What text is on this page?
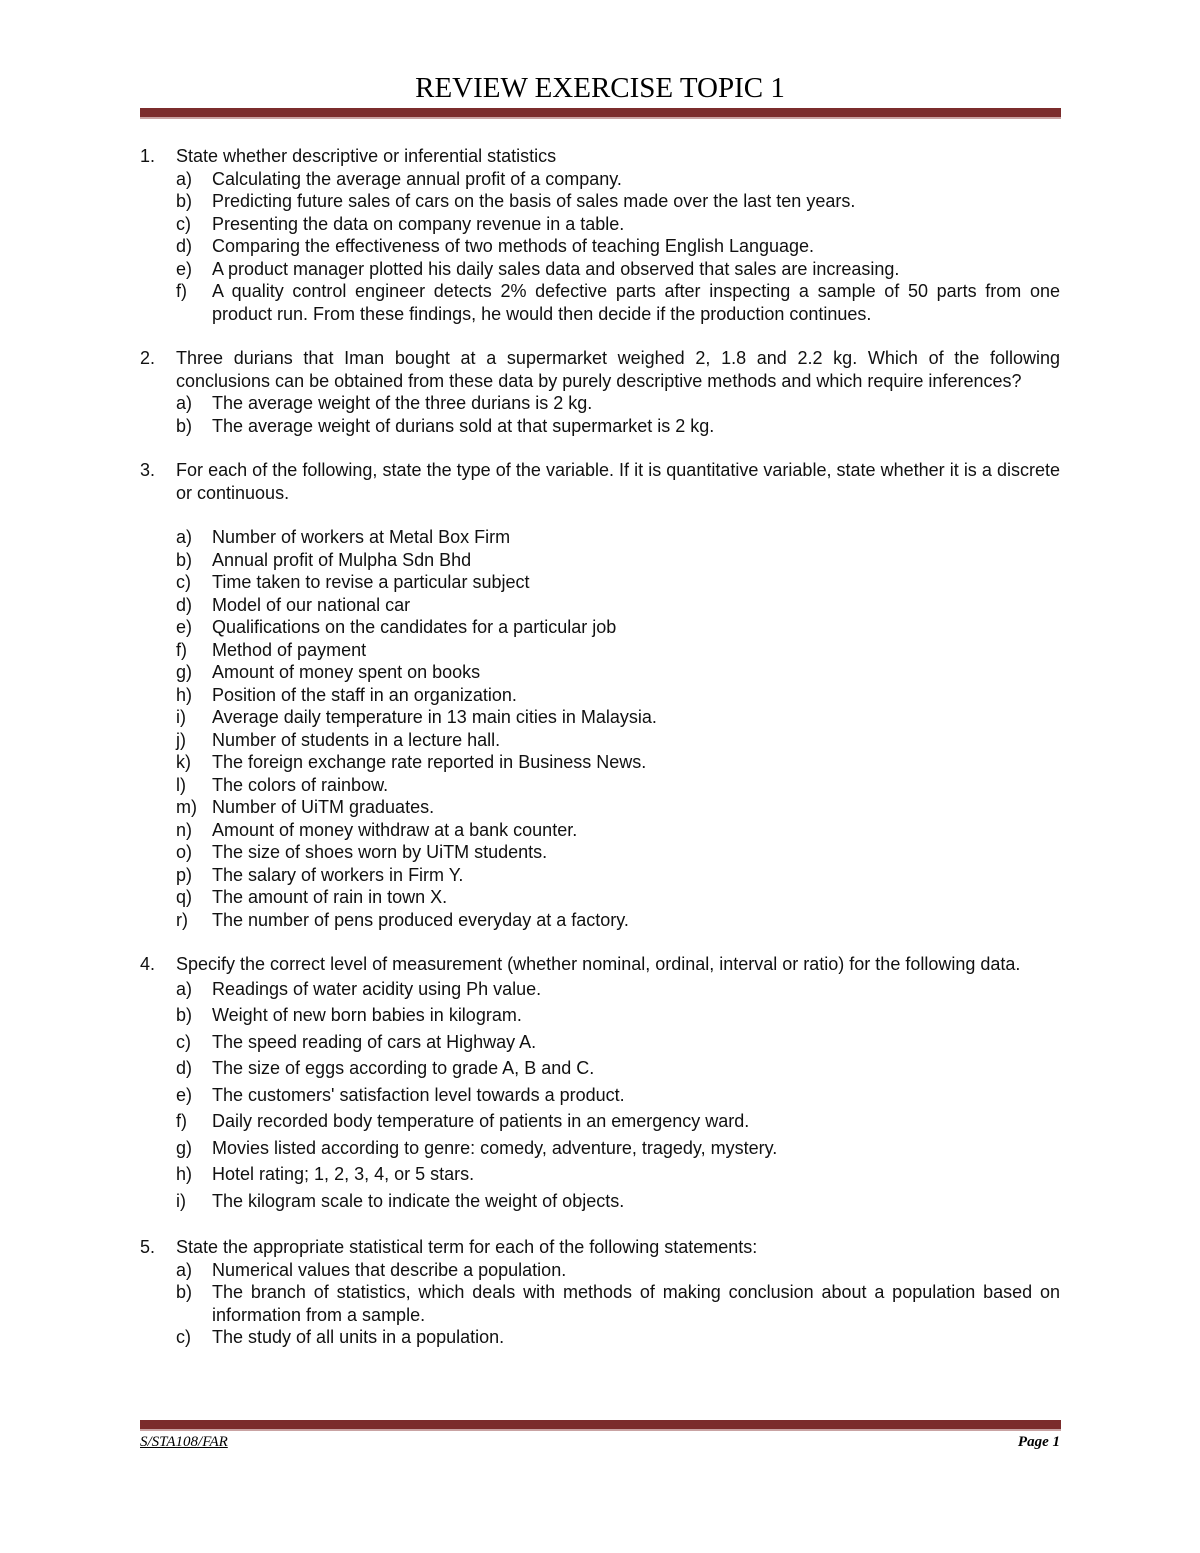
REVIEW EXERCISE TOPIC 1
1.	State whether descriptive or inferential statistics
a)	Calculating the average annual profit of a company.
b)	Predicting future sales of cars on the basis of sales made over the last ten years.
c)	Presenting the data on company revenue in a table.
d)	Comparing the effectiveness of two methods of teaching English Language.
e)	A product manager plotted his daily sales data and observed that sales are increasing.
f)	A quality control engineer detects 2% defective parts after inspecting a sample of 50 parts from one product run. From these findings, he would then decide if the production continues.
2.	Three durians that Iman bought at a supermarket weighed 2, 1.8 and 2.2 kg. Which of the following conclusions can be obtained from these data by purely descriptive methods and which require inferences?
a)	The average weight of the three durians is 2 kg.
b)	The average weight of durians sold at that supermarket is 2 kg.
3.	For each of the following, state the type of the variable. If it is quantitative variable, state whether it is a discrete or continuous.
a)	Number of workers at Metal Box Firm
b)	Annual profit of Mulpha Sdn Bhd
c)	Time taken to revise a particular subject
d)	Model of our national car
e)	Qualifications on the candidates for a particular job
f)	Method of payment
g)	Amount of money spent on books
h)	Position of the staff in an organization.
i)	Average daily temperature in 13 main cities in Malaysia.
j)	Number of students in a lecture hall.
k)	The foreign exchange rate reported in Business News.
l)	The colors of rainbow.
m) Number of UiTM graduates.
n)	Amount of money withdraw at a bank counter.
o)	The size of shoes worn by UiTM students.
p)	The salary of workers in Firm Y.
q)	The amount of rain in town X.
r)	The number of pens produced everyday at a factory.
4.	Specify the correct level of measurement (whether nominal, ordinal, interval or ratio) for the following data.
a)	Readings of water acidity using Ph value.
b)	Weight of new born babies in kilogram.
c)	The speed reading of cars at Highway A.
d)	The size of eggs according to grade A, B and C.
e)	The customers' satisfaction level towards a product.
f)	Daily recorded body temperature of patients in an emergency ward.
g)	Movies listed according to genre: comedy, adventure, tragedy, mystery.
h)	Hotel rating; 1, 2, 3, 4, or 5 stars.
i)	The kilogram scale to indicate the weight of objects.
5.	State the appropriate statistical term for each of the following statements:
a)	Numerical values that describe a population.
b)	The branch of statistics, which deals with methods of making conclusion about a population based on information from a sample.
c)	The study of all units in a population.
S/STA108/FAR	Page 1
